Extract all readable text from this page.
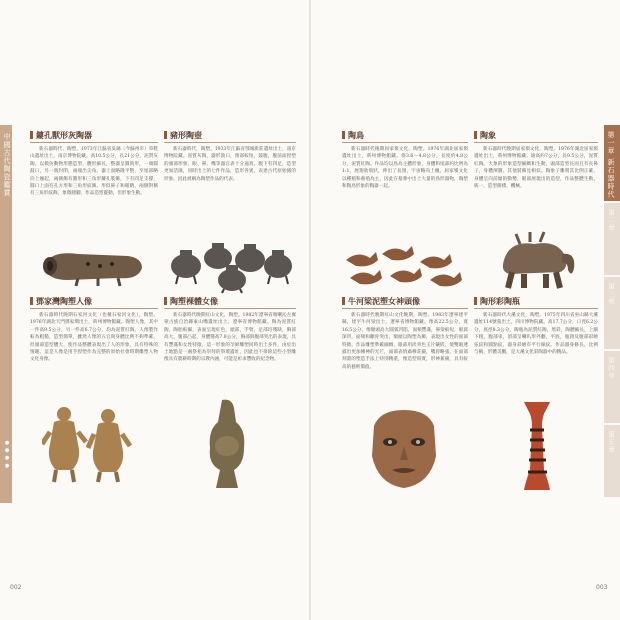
中國古代陶瓷鑑賞
● ● ● ●
第一章 新石器時代
第二章
第三章
第四章
第五章
鏤孔獸形灰陶器
新石器時代，陶塑。1973年江蘇省吳縣（今蘇州市）草鞋山遺址出土，南京博物院藏。高10.5公分，長21公分，泥質灰陶。以模仿動物形態造型，體形細長，整器呈圓筒形，一端圓鼓口，另一端封閉，兩端出尖角。器上面略隆平整，至尾部略向上翹起，兩側飾有圓形和三角形鏤孔裝飾，下有四足支撐，圓口上面有孔方形和三角形紋飾。形似鼻子和眼睛，兩側對稱有三角形紋飾，象徵腿腳，作品造型靈動，但形象生動。
豬形陶壺
新石器時代，陶塑。1933年江蘇省鄂城新莊遺址出土，南京博物院藏。泥質灰陶，器形敦口，頸部較短，鼓腹，腹前面捏塑的頭部形象，眼、鼻、嘴等器官表十分逼真，腹下有四足，造型更加活潑，同時出土的七件作品，造形各異，表達古代原始豬的形象，因此被稱為陶塑作品的代表。
陶鳥
新石器時代後期屈家嶺文化，陶塑。1976年湖北屈家嶺遺址出土，荊州博物館藏。俗3.6～4.8公分，長度約4.8公分，泥質紅陶。作品均以鳥為主體形象，身體和尾部約比例為1:1，展翅欲飛狀，伸出了長頸，宇宙略向上翹。屈家嶺文化以種植和養殖為主，因此在墓葬中出土大量的鳥形器物，陶塑和陶鳥形象的陶器一起。
陶象
新石器時代晚期屈家嶺文化，陶塑。1976年湖北屈家嶺遺址出土，荊州博物館藏。通高約7公分，長9.5公分，泥質紅陶。大象的形象造型細緻和生動，頭部造型長而且有長鼻子，身體渾圓，其他裝飾見相似。陶象子雕刻其比例正確，身體呈向前傾的動勢，眼部展現出的造型，作品整體生動、統一，造型簡樸、機械。
鄧家灣陶塑人像
新石器時代晚期石家河文化（也稱石家河文化），陶塑。1976年湖北天門鄧家灣出土，荊州博物館藏。陶塑人像，其中一件高9.5公分，另一件高6.7公分，均為泥質紅陶。人像製作較為粗糙，造型簡單，雖然人像的五官與身體比例不夠準確，但頭部造型體大，使作品整體表現出了人的形象，具有特殊的情趣。這是人像是用手捏塑作為完整的原始社會時期雕塑人物文化身像。
陶塑裸體女像
新石器時代晚期紅山文化，陶塑。1982年遼寧省喀喇沁左翼蒙古族自治縣東山嘴遺址出土，遼寧省博物館藏。陶為泥質紅陶，陶胎較細，表面呈現紅色，頭部，手臂，足部均殘缺，胸部高大，腹部凸起，身體殘高7.8公分，胸部與腹部突出的表現，具有豐滿和女性特徵，這一形象的孕婦雕塑同時出土多件，由於出土地點是一處祭祀為崇拜的祭壇遺址，因此也不排除這些小型雕像具有農耕時期的宗教內涵，可能是祈求豐收的紀念物。
牛河梁泥塑女神頭像
新石器時代晚期紅山文化晚期，陶塑。1983年遼寧建平縣，建平牛河梁出土，遼寧省博物館藏。像高22.5公分，寬16.5公分，像額頭高大圓弧凹陷，面頰豐滿，鼻梁較短，眼窩深凹，面頰和顴骨突出，額頭以陶塑為飾，表現出女性的面部特徵，作品雕塑準確細緻，眼部用淡青色玉片鑲嵌，使雙眼透露出更加傳神的光芒，面部表情肅穆莊嚴，嘴唇略張，在面部刻畫的塑造手法上特別精湛，像造型寫實，形神兼備，具有較高的藝術價值。
陶形彩陶瓶
新石器時代大溪文化，陶塑。1975年四川省巫山縣大溪遺址114號墓出土，四川博物院藏。高17.7公分，口徑6.2公分，底徑8.3公分。陶瓶為泥質紅陶，黑彩，陶體細長，上細下粗，腹部束，頂部呈喇叭形外翻，平底，瓶頸及腹部彩繪弦紋和圓點紋，器身彩繪有平行線紋。作品器身修長，比例勻稱，形體美觀，是大溪文化彩陶器中的精品。
002	003
